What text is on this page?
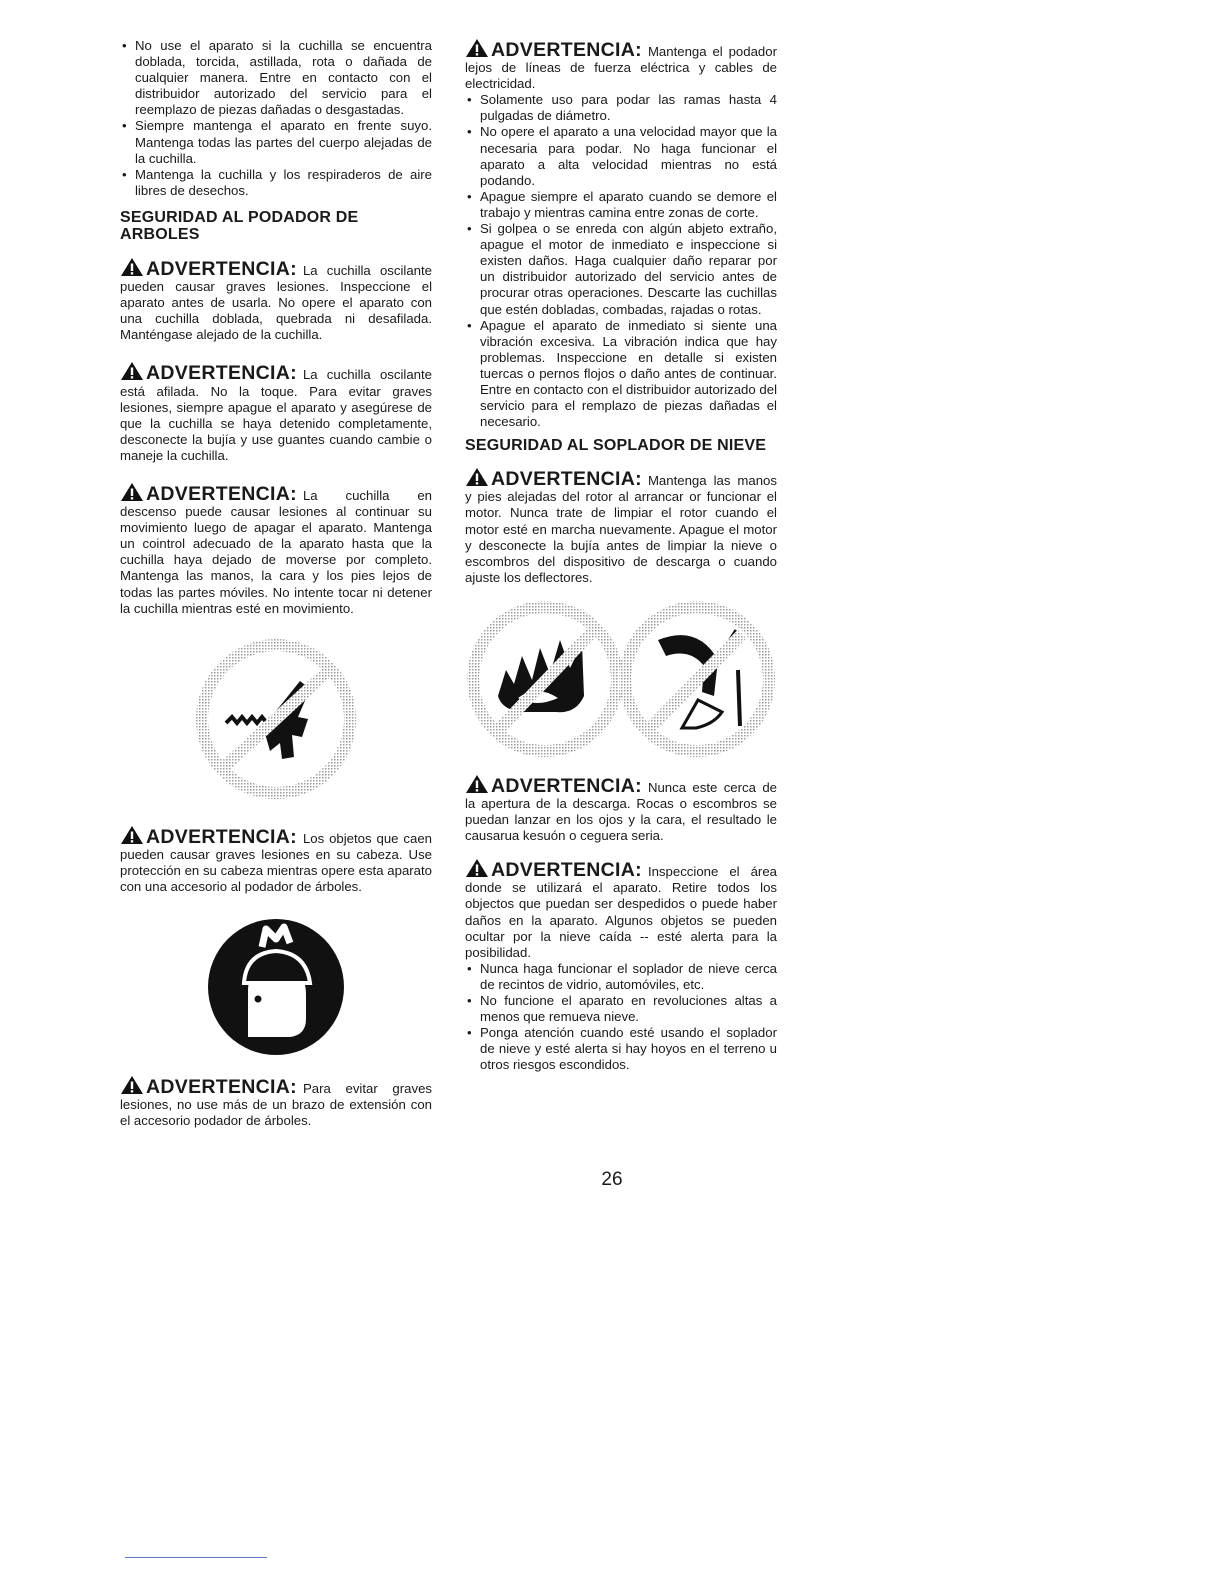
• No use el aparato si la cuchilla se encuentra doblada, torcida, astillada, rota o dañada de cualquier manera. Entre en contacto con el distribuidor autorizado del servicio para el reemplazo de piezas dañadas o desgastadas.
• Siempre mantenga el aparato en frente suyo. Mantenga todas las partes del cuerpo alejadas de la cuchilla.
• Mantenga la cuchilla y los respiraderos de aire libres de desechos.
SEGURIDAD AL PODADOR DE ARBOLES

ADVERTENCIA: La cuchilla oscilante pueden causar graves lesiones. Inspeccione el aparato antes de usarla. No opere el aparato con una cuchilla doblada, quebrada ni desafilada. Manténgase alejado de la cuchilla.

ADVERTENCIA: La cuchilla oscilante está afilada. No la toque. Para evitar graves lesiones, siempre apague el aparato y asegúrese de que la cuchilla se haya detenido completamente, desconecte la bujía y use guantes cuando cambie o maneje la cuchilla.

ADVERTENCIA: La cuchilla en descenso puede causar lesiones al continuar su movimiento luego de apagar el aparato. Mantenga un cointrol adecuado de la aparato hasta que la cuchilla haya dejado de moverse por completo. Mantenga las manos, la cara y los pies lejos de todas las partes móviles. No intente tocar ni detener la cuchilla mientras esté en movimiento.

ADVERTENCIA: Los objetos que caen pueden causar graves lesiones en su cabeza. Use protección en su cabeza mientras opere esta aparato con una accesorio al podador de árboles.

ADVERTENCIA: Para evitar graves lesiones, no use más de un brazo de extensión con el accesorio podador de árboles.

ADVERTENCIA: Mantenga el podador lejos de líneas de fuerza eléctrica y cables de electricidad.

• Solamente uso para podar las ramas hasta 4 pulgadas de diámetro.
• No opere el aparato a una velocidad mayor que la necesaria para podar. No haga funcionar el aparato a alta velocidad mientras no está podando.
• Apague siempre el aparato cuando se demore el trabajo y mientras camina entre zonas de corte.
• Si golpea o se enreda con algún abjeto extraño, apague el motor de inmediato e inspeccione si existen daños. Haga cualquier daño reparar por un distribuidor autorizado del servicio antes de procurar otras operaciones. Descarte las cuchillas que estén dobladas, combadas, rajadas o rotas.
• Apague el aparato de inmediato si siente una vibración excesiva. La vibración indica que hay problemas. Inspeccione en detalle si existen tuercas o pernos flojos o daño antes de continuar. Entre en contacto con el distribuidor autorizado del servicio para el remplazo de piezas dañadas el necesario.
SEGURIDAD AL SOPLADOR DE NIEVE

ADVERTENCIA: Mantenga las manos y pies alejadas del rotor al arrancar or funcionar el motor. Nunca trate de limpiar el rotor cuando el motor esté en marcha nuevamente. Apague el motor y desconecte la bujía antes de limpiar la nieve o escombros del dispositivo de descarga o cuando ajuste los deflectores.

ADVERTENCIA: Nunca este cerca de la apertura de la descarga. Rocas o escombros se puedan lanzar en los ojos y la cara, el resultado le causarua kesuón o ceguera seria.

ADVERTENCIA: Inspeccione el área donde se utilizará el aparato. Retire todos los objectos que puedan ser despedidos o puede haber daños en la aparato. Algunos objetos se pueden ocultar por la nieve caída -- esté alerta para la posibilidad.

• Nunca haga funcionar el soplador de nieve cerca de recintos de vidrio, automóviles, etc.
• No funcione el aparato en revoluciones altas a menos que remueva nieve.
• Ponga atención cuando esté usando el soplador de nieve y esté alerta si hay hoyos en el terreno u otros riesgos escondidos.
26
